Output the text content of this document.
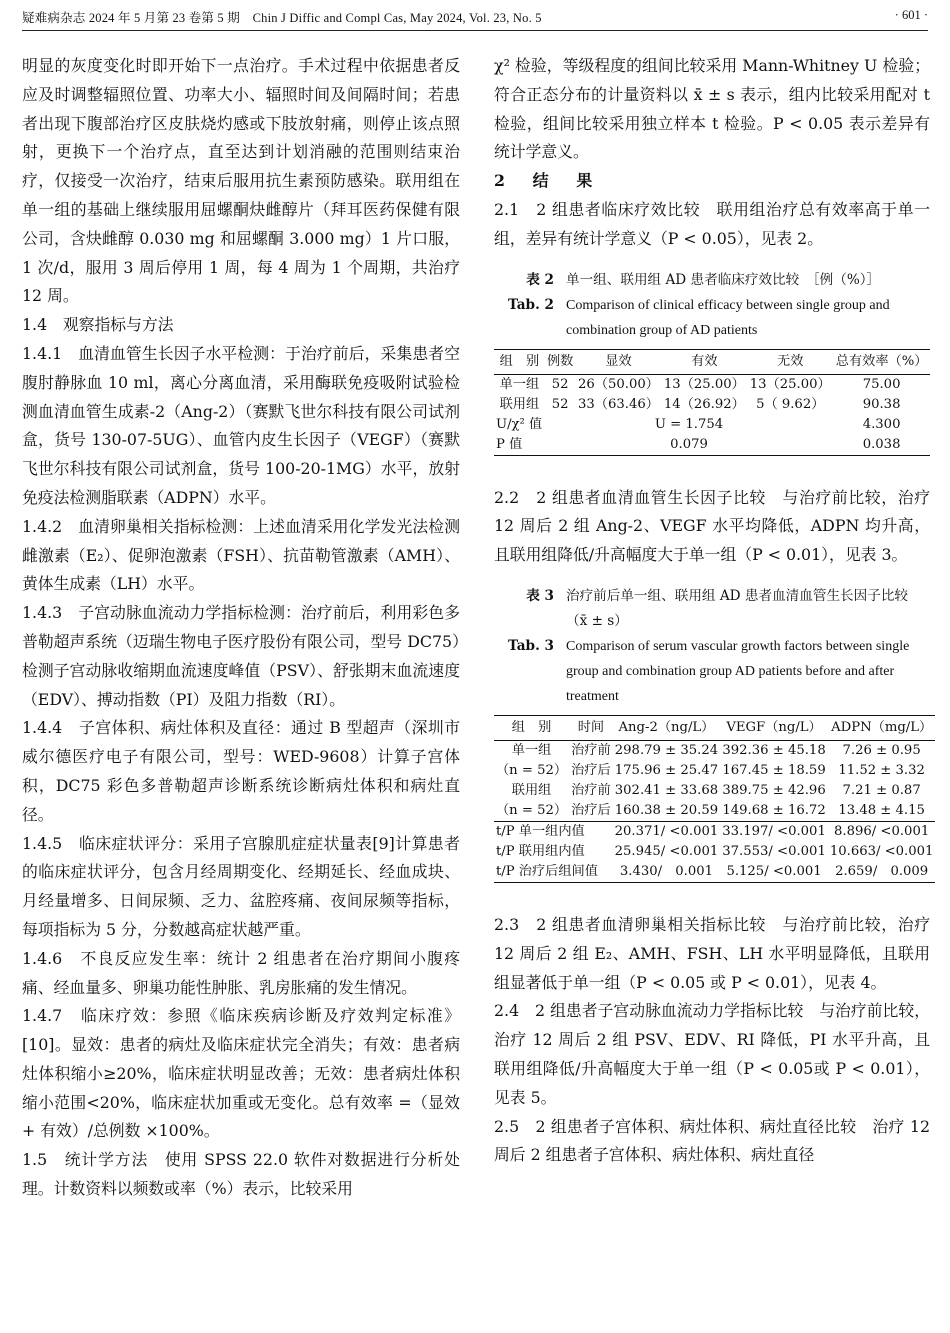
疑难病杂志 2024 年 5 月第 23 卷第 5 期　Chin J Diffic and Compl Cas, May 2024, Vol. 23, No. 5	· 601 ·

明显的灰度变化时即开始下一点治疗。手术过程中依据患者反应及时调整辐照位置、功率大小、辐照时间及间隔时间；若患者出现下腹部治疗区皮肤烧灼感或下肢放射痛，则停止该点照射，更换下一个治疗点，直至达到计划消融的范围则结束治疗，仅接受一次治疗，结束后服用抗生素预防感染。联用组在单一组的基础上继续服用屈螺酮炔雌醇片（拜耳医药保健有限公司，含炔雌醇 0.030 mg 和屈螺酮 3.000 mg）1 片口服，1 次/d，服用 3 周后停用 1 周，每 4 周为 1 个周期，共治疗 12 周。

1.4　观察指标与方法

1.4.1　血清血管生长因子水平检测：于治疗前后，采集患者空腹肘静脉血 10 ml，离心分离血清，采用酶联免疫吸附试验检测血清血管生成素-2（Ang-2）（赛默飞世尔科技有限公司试剂盒，货号 130-07-5UG）、血管内皮生长因子（VEGF）（赛默飞世尔科技有限公司试剂盒，货号 100-20-1MG）水平，放射免疫法检测脂联素（ADPN）水平。

1.4.2　血清卵巢相关指标检测：上述血清采用化学发光法检测雌激素（E₂）、促卵泡激素（FSH）、抗苗勒管激素（AMH）、黄体生成素（LH）水平。

1.4.3　子宫动脉血流动力学指标检测：治疗前后，利用彩色多普勒超声系统（迈瑞生物电子医疗股份有限公司，型号 DC75）检测子宫动脉收缩期血流速度峰值（PSV）、舒张期末血流速度（EDV）、搏动指数（PI）及阻力指数（RI）。

1.4.4　子宫体积、病灶体积及直径：通过 B 型超声（深圳市威尔德医疗电子有限公司，型号：WED-9608）计算子宫体积，DC75 彩色多普勒超声诊断系统诊断病灶体积和病灶直径。

1.4.5　临床症状评分：采用子宫腺肌症症状量表[9]计算患者的临床症状评分，包含月经周期变化、经期延长、经血成块、月经量增多、日间尿频、乏力、盆腔疼痛、夜间尿频等指标，每项指标为 5 分，分数越高症状越严重。

1.4.6　不良反应发生率：统计 2 组患者在治疗期间小腹疼痛、经血量多、卵巢功能性肿胀、乳房胀痛的发生情况。

1.4.7　临床疗效：参照《临床疾病诊断及疗效判定标准》[10]。显效：患者的病灶及临床症状完全消失；有效：患者病灶体积缩小≥20%，临床症状明显改善；无效：患者病灶体积缩小范围<20%，临床症状加重或无变化。总有效率 =（显效 + 有效）/总例数 ×100%。

1.5　统计学方法　使用 SPSS 22.0 软件对数据进行分析处理。计数资料以频数或率（%）表示，比较采用

χ² 检验，等级程度的组间比较采用 Mann-Whitney U 检验；符合正态分布的计量资料以 x̄ ± s 表示，组内比较采用配对 t 检验，组间比较采用独立样本 t 检验。P < 0.05 表示差异有统计学意义。

2　结　果

2.1　2 组患者临床疗效比较　联用组治疗总有效率高于单一组，差异有统计学意义（P < 0.05），见表 2。

表 2 单一组、联用组 AD 患者临床疗效比较　［例（%）］
Tab. 2 Comparison of clinical efficacy between single group and combination group of AD patients
组　别	例数	显效	有效	无效	总有效率（%）
单一组	52	26（50.00）	13（25.00）	13（25.00）	75.00
联用组	52	33（63.46）	14（26.92）	5（ 9.62）	90.38
U/χ² 值	U = 1.754				4.300
P 值	0.079				0.038

2.2　2 组患者血清血管生长因子比较　与治疗前比较，治疗 12 周后 2 组 Ang-2、VEGF 水平均降低，ADPN 均升高，且联用组降低/升高幅度大于单一组（P < 0.01），见表 3。

表 3 治疗前后单一组、联用组 AD 患者血清血管生长因子比较　（x̄ ± s）
Tab. 3 Comparison of serum vascular growth factors between single group and combination group AD patients before and after treatment
组　别	时间	Ang-2（ng/L）	VEGF（ng/L）	ADPN（mg/L）
单一组	治疗前	298.79 ± 35.24	392.36 ± 45.18	7.26 ± 0.95
（n = 52）	治疗后	175.96 ± 25.47	167.45 ± 18.59	11.52 ± 3.32
联用组	治疗前	302.41 ± 33.68	389.75 ± 42.96	7.21 ± 0.87
（n = 52）	治疗后	160.38 ± 20.59	149.68 ± 16.72	13.48 ± 4.15
t/P 单一组内值		20.371/ <0.001	33.197/ <0.001	8.896/ <0.001
t/P 联用组内值		25.945/ <0.001	37.553/ <0.001	10.663/ <0.001
t/P 治疗后组间值		3.430/　0.001	5.125/ <0.001	2.659/　0.009

2.3　2 组患者血清卵巢相关指标比较　与治疗前比较，治疗 12 周后 2 组 E₂、AMH、FSH、LH 水平明显降低，且联用组显著低于单一组（P < 0.05 或 P < 0.01），见表 4。

2.4　2 组患者子宫动脉血流动力学指标比较　与治疗前比较，治疗 12 周后 2 组 PSV、EDV、RI 降低，PI 水平升高，且联用组降低/升高幅度大于单一组（P < 0.05或 P < 0.01），见表 5。

2.5　2 组患者子宫体积、病灶体积、病灶直径比较　治疗 12 周后 2 组患者子宫体积、病灶体积、病灶直径
